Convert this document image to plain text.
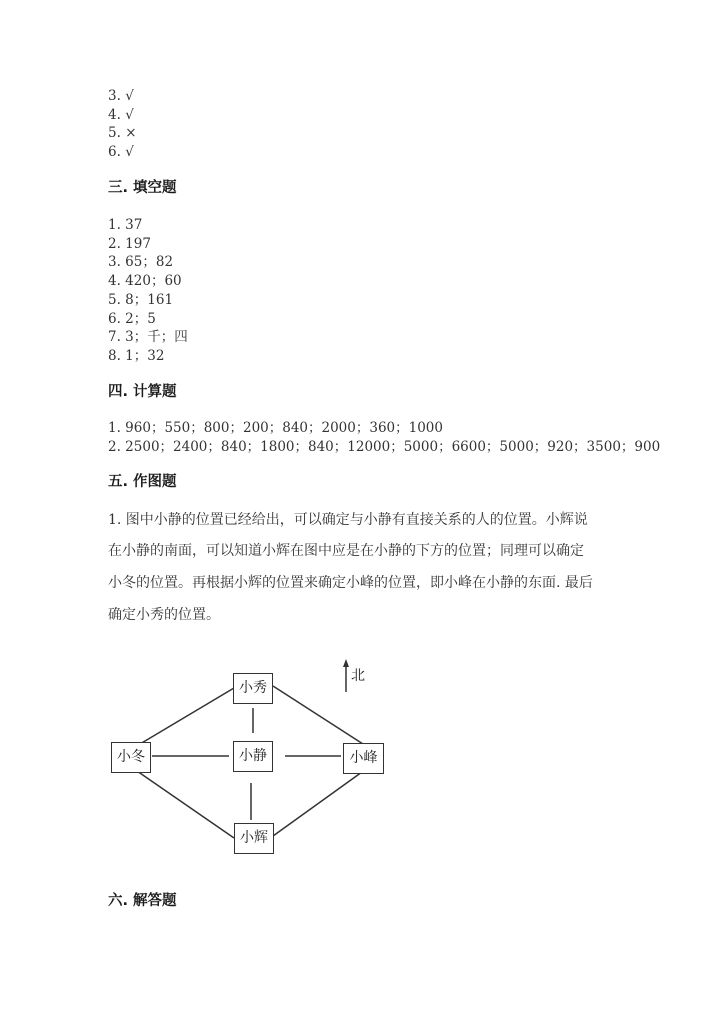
3. √
4. √
5. ×
6. √
三. 填空题
1. 37
2. 197
3. 65；82
4. 420；60
5. 8；161
6. 2；5
7. 3；千；四
8. 1；32
四. 计算题
1. 960；550；800；200；840；2000；360；1000
2. 2500；2400；840；1800；840；12000；5000；6600；5000；920；3500；900
五. 作图题
1. 图中小静的位置已经给出，可以确定与小静有直接关系的人的位置。小辉说
在小静的南面，可以知道小辉在图中应是在小静的下方的位置；同理可以确定
小冬的位置。再根据小辉的位置来确定小峰的位置，即小峰在小静的东面. 最后
确定小秀的位置。
北
小秀
小冬	小静	小峰
小辉
六. 解答题
